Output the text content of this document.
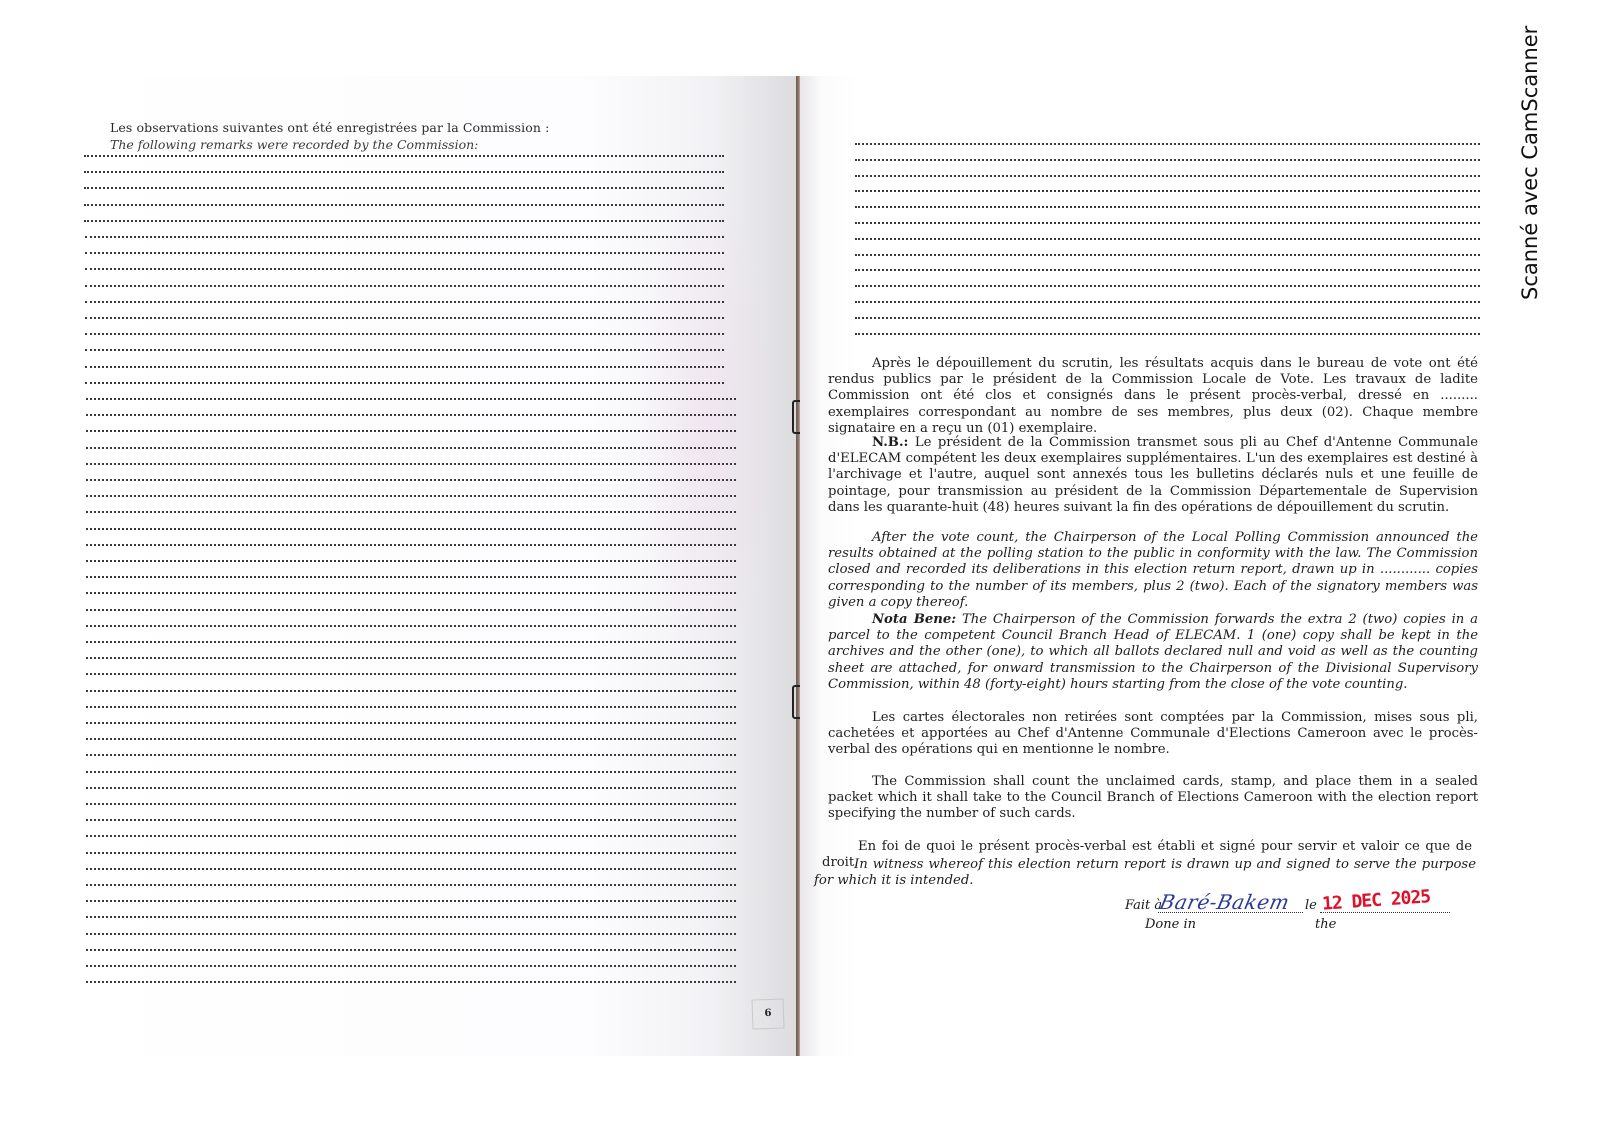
Les observations suivantes ont été enregistrées par la Commission :
The following remarks were recorded by the Commission:
6
Après le dépouillement du scrutin, les résultats acquis dans le bureau de vote ont été rendus publics par le président de la Commission Locale de Vote. Les travaux de ladite Commission ont été clos et consignés dans le présent procès-verbal, dressé en ......... exemplaires correspondant au nombre de ses membres, plus deux (02). Chaque membre signataire en a reçu un (01) exemplaire.
N.B.: Le président de la Commission transmet sous pli au Chef d'Antenne Communale d'ELECAM compétent les deux exemplaires supplémentaires. L'un des exemplaires est destiné à l'archivage et l'autre, auquel sont annexés tous les bulletins déclarés nuls et une feuille de pointage, pour transmission au président de la Commission Départementale de Supervision dans les quarante-huit (48) heures suivant la fin des opérations de dépouillement du scrutin.
After the vote count, the Chairperson of the Local Polling Commission announced the results obtained at the polling station to the public in conformity with the law. The Commission closed and recorded its deliberations in this election return report, drawn up in ............ copies corresponding to the number of its members, plus 2 (two). Each of the signatory members was given a copy thereof.
Nota Bene: The Chairperson of the Commission forwards the extra 2 (two) copies in a parcel to the competent Council Branch Head of ELECAM. 1 (one) copy shall be kept in the archives and the other (one), to which all ballots declared null and void as well as the counting sheet are attached, for onward transmission to the Chairperson of the Divisional Supervisory Commission, within 48 (forty-eight) hours starting from the close of the vote counting.
Les cartes électorales non retirées sont comptées par la Commission, mises sous pli, cachetées et apportées au Chef d'Antenne Communale d'Elections Cameroon avec le procès-verbal des opérations qui en mentionne le nombre.
The Commission shall count the unclaimed cards, stamp, and place them in a sealed packet which it shall take to the Council Branch of Elections Cameroon with the election report specifying the number of such cards.
En foi de quoi le présent procès-verbal est établi et signé pour servir et valoir ce que de droit.
In witness whereof this election return report is drawn up and signed to serve the purpose for which it is intended.
Fait à
Baré-Bakem le 12 DEC 2025
Done in	the
Scanné avec CamScanner
